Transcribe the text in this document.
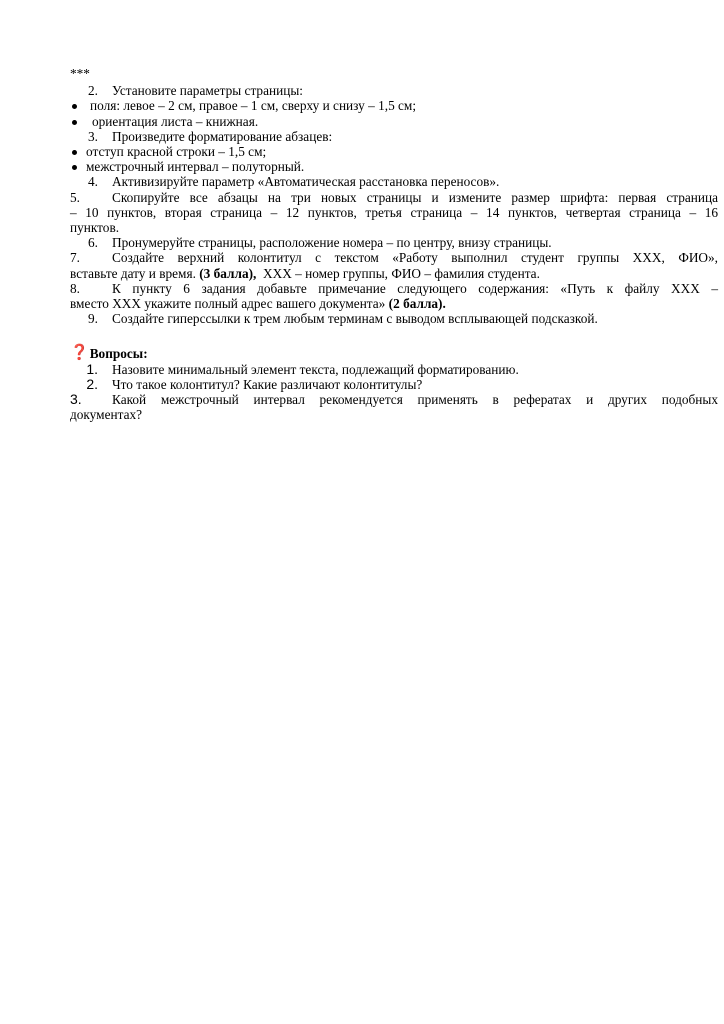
***
2. Установите параметры страницы:
поля: левое – 2 см, правое – 1 см, сверху и снизу – 1,5 см;
ориентация листа – книжная.
3. Произведите форматирование абзацев:
отступ красной строки – 1,5 см;
межстрочный интервал – полуторный.
4. Активизируйте параметр «Автоматическая расстановка переносов».
5.	Скопируйте все абзацы на три новых страницы и измените размер шрифта: первая страница
– 10 пунктов, вторая страница – 12 пунктов, третья страница – 14 пунктов, четвертая страница – 16
пунктов.
6. Пронумеруйте страницы, расположение номера – по центру, внизу страницы.
7.	Создайте верхний колонтитул с текстом «Работу выполнил студент группы ХХХ, ФИО»,
вставьте дату и время. (3 балла),  ХХХ – номер группы, ФИО – фамилия студента.
8.	К пункту 6 задания добавьте примечание следующего содержания: «Путь к файлу ХХХ –
вместо ХХХ укажите полный адрес вашего документа» (2 балла).
9. Создайте гиперссылки к трем любым терминам с выводом всплывающей подсказкой.
❓ Вопросы:
1. Назовите минимальный элемент текста, подлежащий форматированию.
2. Что такое колонтитул? Какие различают колонтитулы?
3.	Какой межстрочный интервал рекомендуется применять в рефератах и других подобных
документах?
